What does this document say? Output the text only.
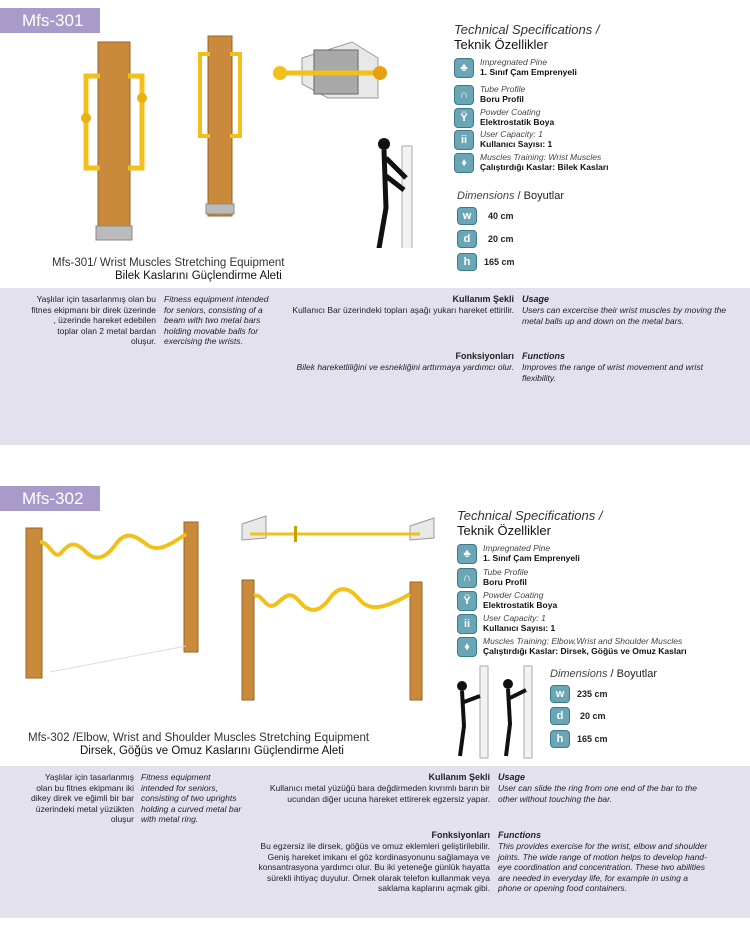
Mfs-301
Mfs-301/ Wrist Muscles Stretching Equipment
Bilek Kaslarını Güçlendirme Aleti
Technical Specifications /
Teknik Özellikler
♣	Impregnated Pine
1. Sınıf Çam Emprenyeli
∩	Tube Profile
Boru Profil
Ÿ	Powder Coating
Elektrostatik Boya
ii	User Capacity: 1
Kullanıcı Sayısı: 1
♦	Muscles Training: Wrist Muscles
Çalıştırdığı Kaslar: Bilek Kasları
Dimensions / Boyutlar
w	40 cm
d	20 cm
h	165 cm
Yaşlılar için tasarlanmış olan bu fitnes ekipmanı bir direk üzerinde , üzerinde hareket edebilen toplar olan 2 metal bardan oluşur.
Fitness equipment intended for seniors, consisting of a beam with two metal bars holding movable balls for exercising the wrists.
Kullanım Şekli
Kullanıcı Bar üzerindeki topları aşağı yukarı hareket ettirilir.
Usage
Users can excercise their wrist muscles by moving the metal balls up and down on the metal bars.
Fonksiyonları
Bilek hareketliliğini ve esnekliğini arttırmaya yardımcı olur.
Functions
Improves the range of wrist movement and wrist flexibility.
Mfs-302
Mfs-302 /Elbow, Wrist and Shoulder Muscles Stretching Equipment
Dirsek, Göğüs ve Omuz Kaslarını Güçlendirme Aleti
Technical Specifications /
Teknik Özellikler
♣	Impregnated Pine
1. Sınıf Çam Emprenyeli
∩	Tube Profile
Boru Profil
Ÿ	Powder Coating
Elektrostatik Boya
ii	User Capacity: 1
Kullanıcı Sayısı: 1
♦	Muscles Training: Elbow,Wrist and Shoulder Muscles
Çalıştırdığı Kaslar: Dirsek, Göğüs ve Omuz Kasları
Dimensions / Boyutlar
w	235 cm
d	20 cm
h	165 cm
Yaşlılar için tasarlanmış olan bu fitnes ekipmanı iki dikey direk ve eğimli bir bar üzerindeki metal yüzükten oluşur
Fitness equipment intended for seniors, consisting of two uprights holding a curved metal bar with metal ring.
Kullanım Şekli
Kullanıcı metal yüzüğü bara değdirmeden kıvrımlı barın bir ucundan diğer ucuna hareket ettirerek egzersiz yapar.
Usage
User can slide the ring from one end of the bar to the other without touching the bar.
Fonksiyonları
Bu egzersiz ile dirsek, göğüs ve omuz eklemleri geliştirilebilir. Geniş hareket imkanı el göz kordinasyonunu sağlamaya ve konsantrasyona yardımcı olur. Bu iki yeteneğe günlük hayatta sürekli ihtiyaç duyulur. Örnek olarak telefon kullanmak veya saklama kaplarını açmak gibi.
Functions
This provides exercise for the wrist, elbow and shoulder joints. The wide range of motion helps to develop hand-eye coordination and concentration. These two abilities are needed in everyday life, for example in using a phone or opening food containers.
